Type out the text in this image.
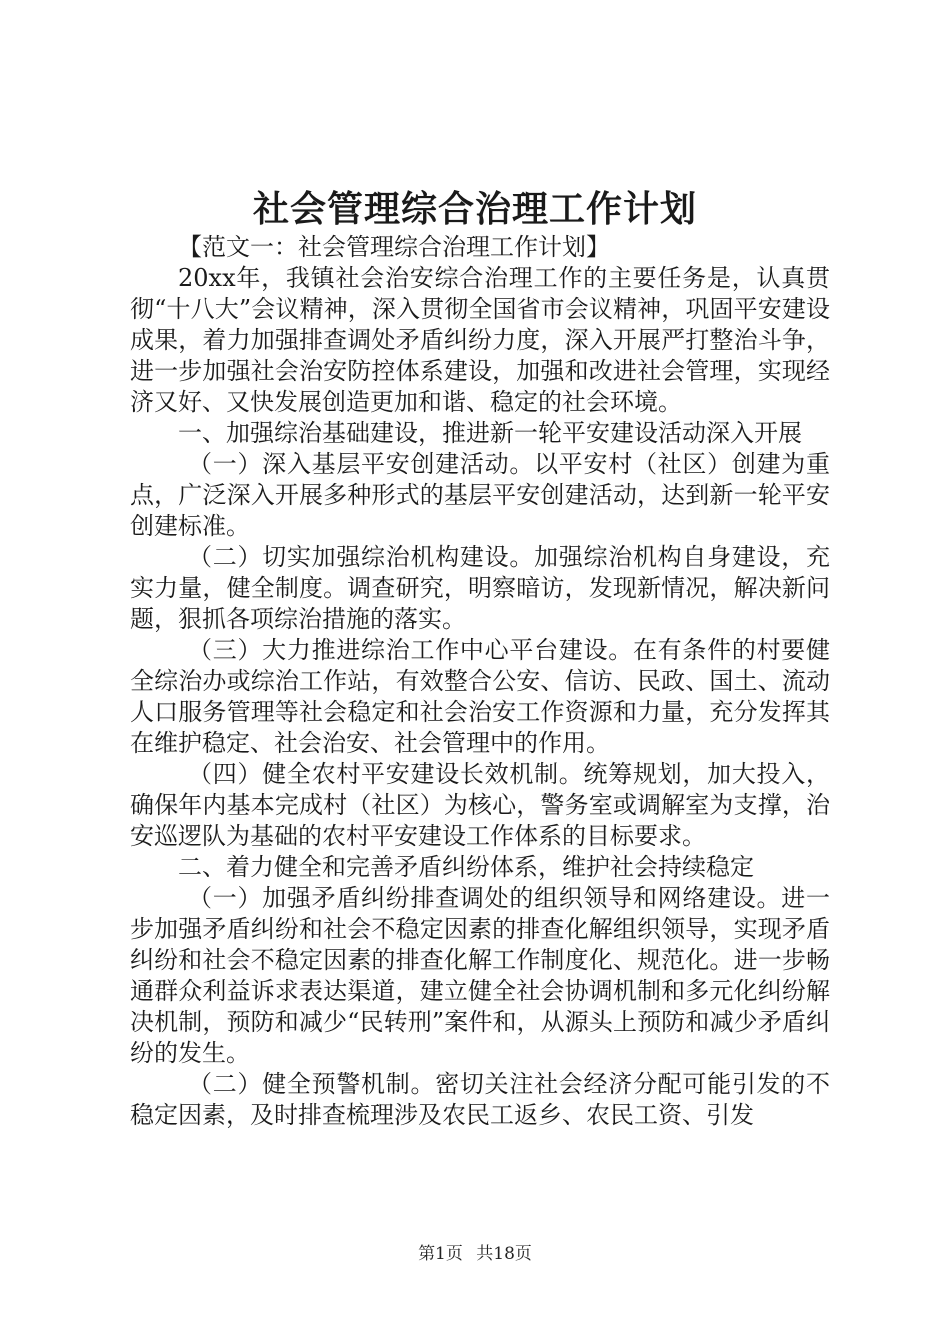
社会管理综合治理工作计划

【范文一：社会管理综合治理工作计划】

20xx年，我镇社会治安综合治理工作的主要任务是，认真贯彻“十八大”会议精神，深入贯彻全国省市会议精神，巩固平安建设成果，着力加强排查调处矛盾纠纷力度，深入开展严打整治斗争，进一步加强社会治安防控体系建设，加强和改进社会管理，实现经济又好、又快发展创造更加和谐、稳定的社会环境。

一、加强综治基础建设，推进新一轮平安建设活动深入开展

（一）深入基层平安创建活动。以平安村（社区）创建为重点，广泛深入开展多种形式的基层平安创建活动，达到新一轮平安创建标准。

（二）切实加强综治机构建设。加强综治机构自身建设，充实力量，健全制度。调查研究，明察暗访，发现新情况，解决新问题，狠抓各项综治措施的落实。

（三）大力推进综治工作中心平台建设。在有条件的村要健全综治办或综治工作站，有效整合公安、信访、民政、国土、流动人口服务管理等社会稳定和社会治安工作资源和力量，充分发挥其在维护稳定、社会治安、社会管理中的作用。

（四）健全农村平安建设长效机制。统筹规划，加大投入，确保年内基本完成村（社区）为核心，警务室或调解室为支撑，治安巡逻队为基础的农村平安建设工作体系的目标要求。

二、着力健全和完善矛盾纠纷体系，维护社会持续稳定

（一）加强矛盾纠纷排查调处的组织领导和网络建设。进一步加强矛盾纠纷和社会不稳定因素的排查化解组织领导，实现矛盾纠纷和社会不稳定因素的排查化解工作制度化、规范化。进一步畅通群众利益诉求表达渠道，建立健全社会协调机制和多元化纠纷解决机制，预防和减少“民转刑”案件和，从源头上预防和减少矛盾纠纷的发生。

（二）健全预警机制。密切关注社会经济分配可能引发的不稳定因素，及时排查梳理涉及农民工返乡、农民工资、引发

第1页 共18页
